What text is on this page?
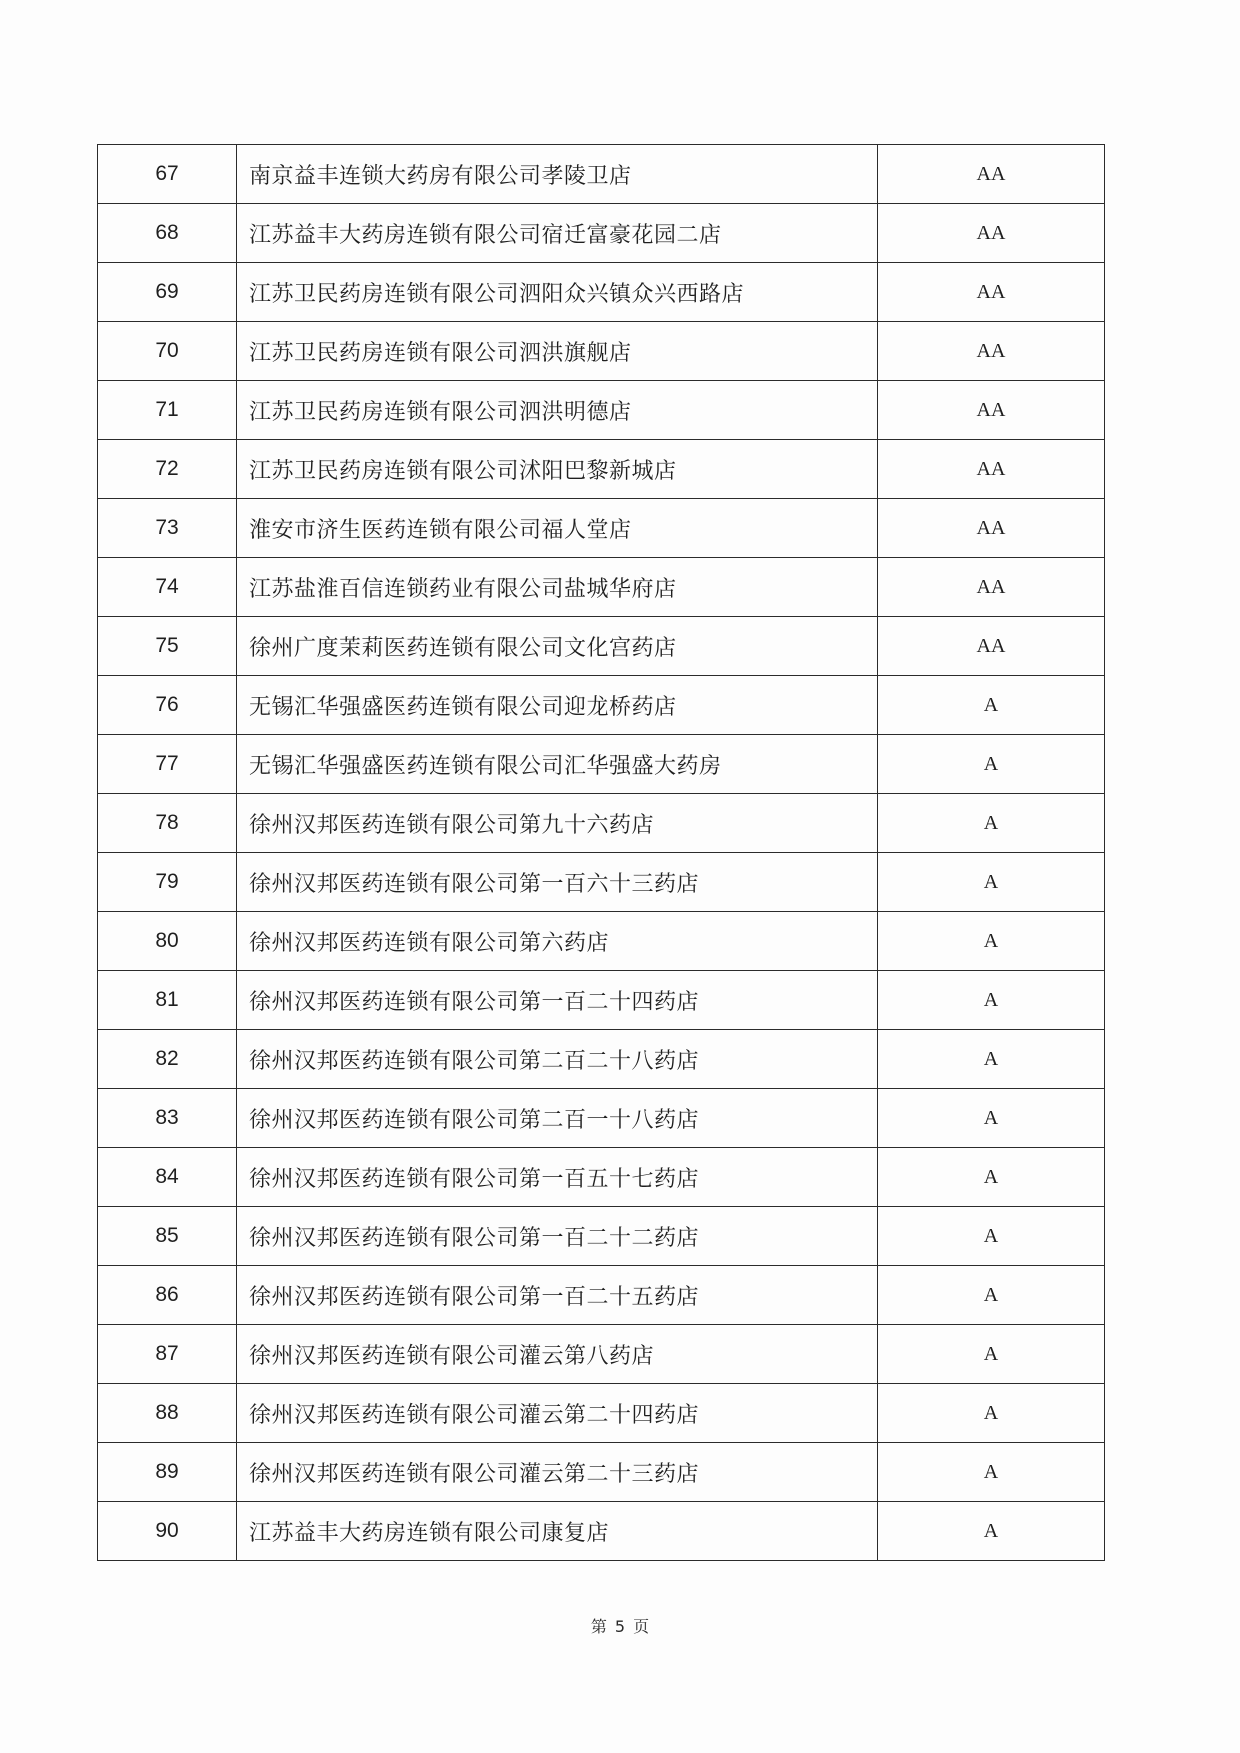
67	南京益丰连锁大药房有限公司孝陵卫店	AA
68	江苏益丰大药房连锁有限公司宿迁富豪花园二店	AA
69	江苏卫民药房连锁有限公司泗阳众兴镇众兴西路店	AA
70	江苏卫民药房连锁有限公司泗洪旗舰店	AA
71	江苏卫民药房连锁有限公司泗洪明德店	AA
72	江苏卫民药房连锁有限公司沭阳巴黎新城店	AA
73	淮安市济生医药连锁有限公司福人堂店	AA
74	江苏盐淮百信连锁药业有限公司盐城华府店	AA
75	徐州广度茉莉医药连锁有限公司文化宫药店	AA
76	无锡汇华强盛医药连锁有限公司迎龙桥药店	A
77	无锡汇华强盛医药连锁有限公司汇华强盛大药房	A
78	徐州汉邦医药连锁有限公司第九十六药店	A
79	徐州汉邦医药连锁有限公司第一百六十三药店	A
80	徐州汉邦医药连锁有限公司第六药店	A
81	徐州汉邦医药连锁有限公司第一百二十四药店	A
82	徐州汉邦医药连锁有限公司第二百二十八药店	A
83	徐州汉邦医药连锁有限公司第二百一十八药店	A
84	徐州汉邦医药连锁有限公司第一百五十七药店	A
85	徐州汉邦医药连锁有限公司第一百二十二药店	A
86	徐州汉邦医药连锁有限公司第一百二十五药店	A
87	徐州汉邦医药连锁有限公司灌云第八药店	A
88	徐州汉邦医药连锁有限公司灌云第二十四药店	A
89	徐州汉邦医药连锁有限公司灌云第二十三药店	A
90	江苏益丰大药房连锁有限公司康复店	A
第 5 页
